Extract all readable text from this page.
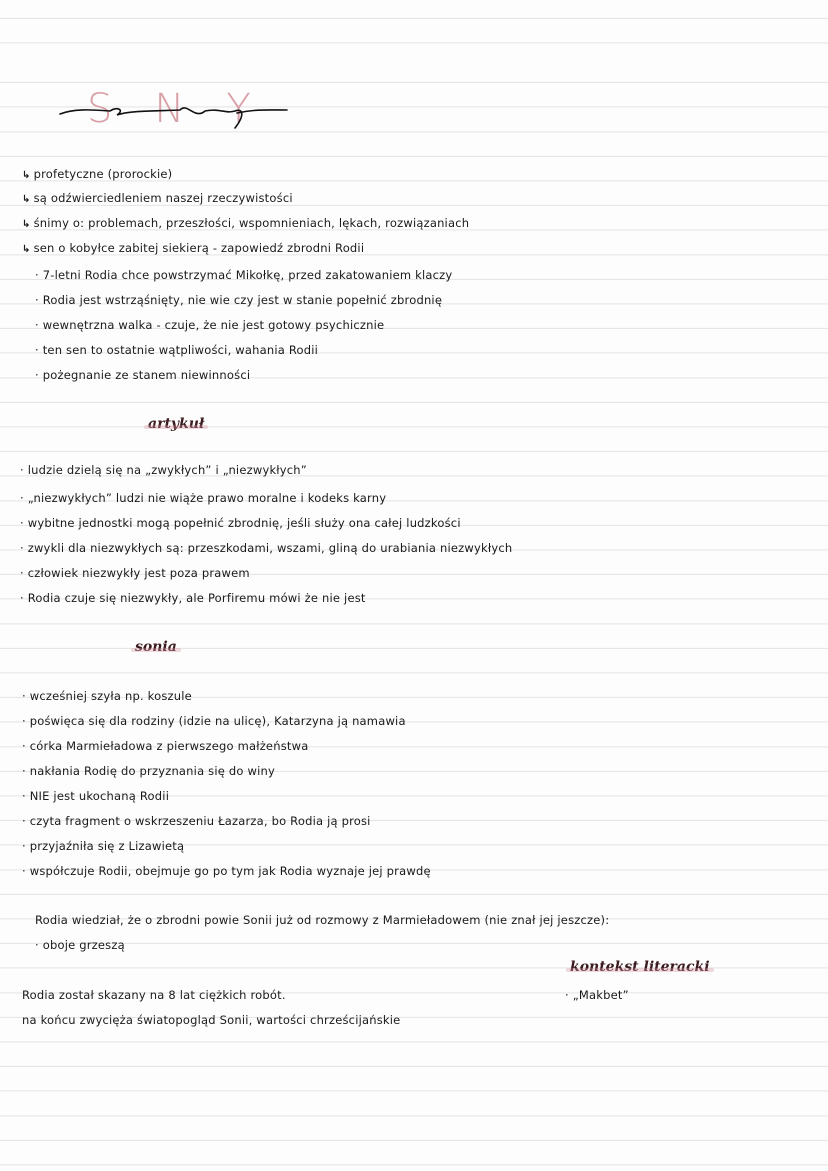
SNY
↳ profetyczne (prorockie)
↳ są odźwierciedleniem naszej rzeczywistości
↳ śnimy o: problemach, przeszłości, wspomnieniach, lękach, rozwiązaniach
↳ sen o kobyłce zabitej siekierą - zapowiedź zbrodni Rodii
· 7-letni Rodia chce powstrzymać Mikołkę, przed zakatowaniem klaczy
· Rodia jest wstrząśnięty, nie wie czy jest w stanie popełnić zbrodnię
· wewnętrzna walka - czuje, że nie jest gotowy psychicznie
· ten sen to ostatnie wątpliwości, wahania Rodii
· pożegnanie ze stanem niewinności
artykuł
· ludzie dzielą się na „zwykłych” i „niezwykłych”
· „niezwykłych” ludzi nie wiąże prawo moralne i kodeks karny
· wybitne jednostki mogą popełnić zbrodnię, jeśli służy ona całej ludzkości
· zwykli dla niezwykłych są: przeszkodami, wszami, gliną do urabiania niezwykłych
· człowiek niezwykły jest poza prawem
· Rodia czuje się niezwykły, ale Porfiremu mówi że nie jest
sonia
· wcześniej szyła np. koszule
· poświęca się dla rodziny (idzie na ulicę), Katarzyna ją namawia
· córka Marmieładowa z pierwszego małżeństwa
· nakłania Rodię do przyznania się do winy
· NIE jest ukochaną Rodii
· czyta fragment o wskrzeszeniu Łazarza, bo Rodia ją prosi
· przyjaźniła się z Lizawietą
· współczuje Rodii, obejmuje go po tym jak Rodia wyznaje jej prawdę
Rodia wiedział, że o zbrodni powie Sonii już od rozmowy z Marmieładowem (nie znał jej jeszcze):
· oboje grzeszą
Rodia został skazany na 8 lat ciężkich robót.
na końcu zwycięża światopogląd Sonii, wartości chrześcijańskie
kontekst literacki
· „Makbet”
